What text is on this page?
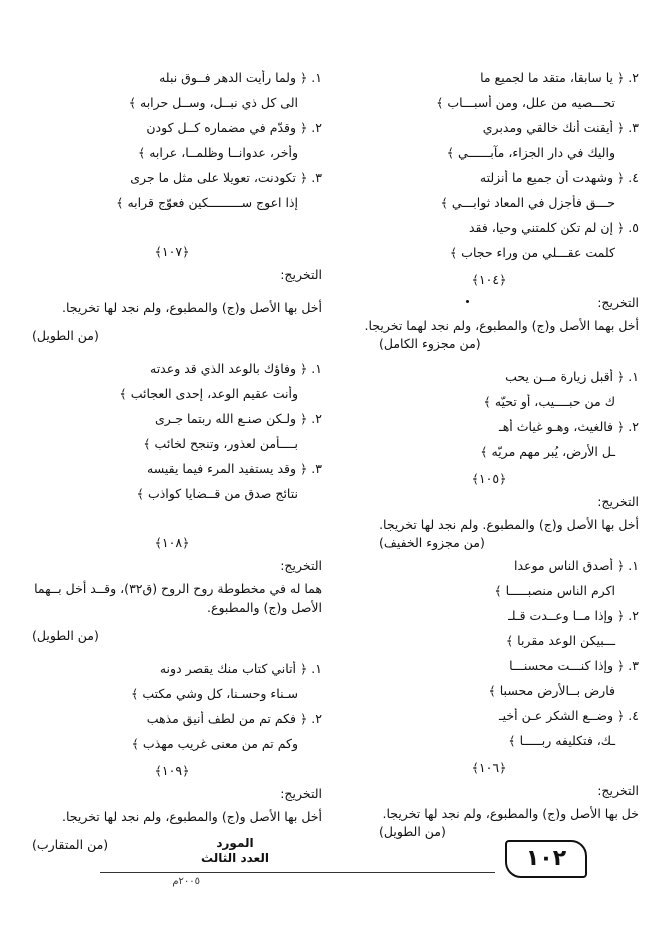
٢. ﴿ يا سابقا، متقد ما لجميع ما
تحـــصيه من علل، ومن أسبـــاب ﴾
٣. ﴿ أيقنت أنك خالقي ومدبري
واليك في دار الجزاء، مآبــــــي ﴾
٤. ﴿ وشهدت أن جميع ما أنزلته
حـــق فأجزل في المعاد ثوابـــي ﴾
٥. ﴿ إن لم تكن كلمتني وحيا، فقد
كلمت عقـــلي من وراء حجاب ﴾
﴿١٠٤﴾
التخريج:
أخل بهما الأصل و(ج) والمطبوع، ولم نجد لهما تخريجا.
(من مجزوء الكامل)
١. ﴿ أقبل زيارة مــن يحب
ك من حبــــيب، أو تحيّه ﴾
٢. ﴿ فالغيث، وهـو غياث أهـ
ـل الأرض، يُبر مهم مريّه ﴾
﴿١٠٥﴾
التخريج:
أخل بها الأصل و(ج) والمطبوع. ولم نجد لها تخريجا.
(من مجزوء الخفيف)
١. ﴿ أصدق الناس موعدا
اكرم الناس منصبـــــا ﴾
٢. ﴿ وإذا مــا وعــدت قـلـ
ـــبيكن الوعد مقربا ﴾
٣. ﴿ وإذا كنـــت محسنـــا
فارض بــالأرض محسبا ﴾
٤. ﴿ وضــع الشكر عـن أخيـ
ـك، فتكليفه ربـــــا ﴾
﴿١٠٦﴾
التخريج:
خل بها الأصل و(ج) والمطبوع، ولم نجد لها تخريجا.
(من الطويل)
١. ﴿ ولما رأيت الدهر فــوق نبله
الى كل ذي نبــل، وســل حرابه ﴾
٢. ﴿ وقدّم في مضماره كــل كودن
وأخر، عدوانــا وظلمــا، عرابه ﴾
٣. ﴿ تكودنت، تعويلا على مثل ما جرى
إذا اعوج ســـــــــكين فعوّج قرابه ﴾
﴿١٠٧﴾
التخريج:
أخل بها الأصل و(ج) والمطبوع، ولم نجد لها تخريجا.
(من الطويل)
١. ﴿ وفاؤك بالوعد الذي قد وعدته
وأنت عقيم الوعد، إحدى العجائب ﴾
٢. ﴿ ولـكن صنـع الله ربتما جـرى
بــــأمن لعذور، وتنجح لخائب ﴾
٣. ﴿ وقد يستفيد المرء فيما يقيسه
نتائج صدق من قــضايا كواذب ﴾
﴿١٠٨﴾
التخريج:
هما له في مخطوطة روح الروح (ق٣٢)، وقــد أخل بــهما الأصل و(ج) والمطبوع.
(من الطويل)
١. ﴿ أتاني كتاب منك يقصر دونه
سـناء وحسـنا، كل وشي مكتب ﴾
٢. ﴿ فكم تم من لطف أنيق مذهب
وكم تم من معنى غريب مهذب ﴾
﴿١٠٩﴾
التخريج:
أخل بها الأصل و(ج) والمطبوع، ولم نجد لها تخريجا.
(من المتقارب)	المورد
العدد الثالث
٢٠٠٥م
١٠٢
